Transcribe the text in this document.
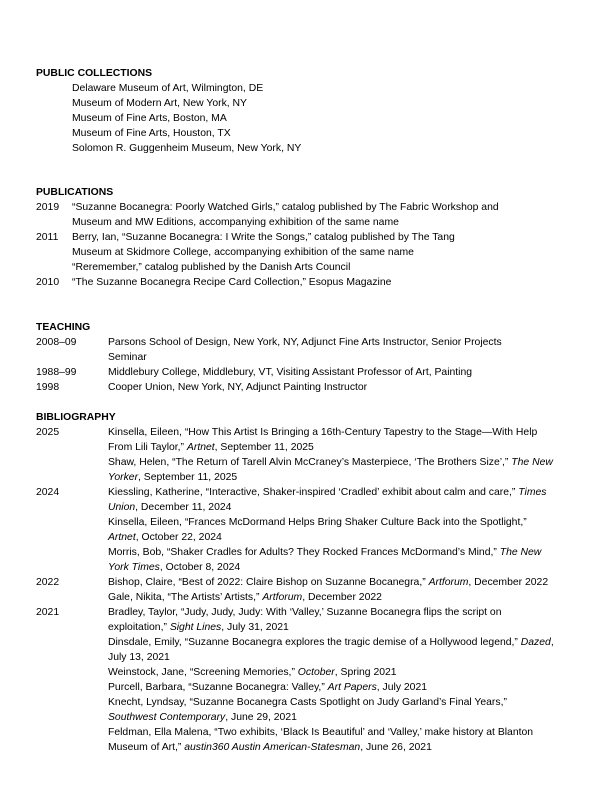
PUBLIC COLLECTIONS
Delaware Museum of Art, Wilmington, DE
Museum of Modern Art, New York, NY
Museum of Fine Arts, Boston, MA
Museum of Fine Arts, Houston, TX
Solomon R. Guggenheim Museum, New York, NY
PUBLICATIONS
2019	“Suzanne Bocanegra: Poorly Watched Girls,” catalog published by The Fabric Workshop and
Museum and MW Editions, accompanying exhibition of the same name
2011	Berry, Ian, “Suzanne Bocanegra: I Write the Songs,” catalog published by The Tang
Museum at Skidmore College, accompanying exhibition of the same name
“Reremember,” catalog published by the Danish Arts Council
2010	“The Suzanne Bocanegra Recipe Card Collection,” Esopus Magazine
TEACHING
2008–09	Parsons School of Design, New York, NY, Adjunct Fine Arts Instructor, Senior Projects
Seminar
1988–99	Middlebury College, Middlebury, VT, Visiting Assistant Professor of Art, Painting
1998	Cooper Union, New York, NY, Adjunct Painting Instructor
BIBLIOGRAPHY
2025	Kinsella, Eileen, “How This Artist Is Bringing a 16th-Century Tapestry to the Stage—With Help
From Lili Taylor,” Artnet, September 11, 2025
Shaw, Helen, “The Return of Tarell Alvin McCraney’s Masterpiece, ‘The Brothers Size’,” The New
Yorker, September 11, 2025
2024	Kiessling, Katherine, “Interactive, Shaker-inspired ‘Cradled’ exhibit about calm and care,” Times
Union, December 11, 2024
Kinsella, Eileen, “Frances McDormand Helps Bring Shaker Culture Back into the Spotlight,”
Artnet, October 22, 2024
Morris, Bob, “Shaker Cradles for Adults? They Rocked Frances McDormand’s Mind,” The New
York Times, October 8, 2024
2022	Bishop, Claire, “Best of 2022: Claire Bishop on Suzanne Bocanegra,” Artforum, December 2022
Gale, Nikita, “The Artists’ Artists,” Artforum, December 2022
2021	Bradley, Taylor, “Judy, Judy, Judy: With ‘Valley,’ Suzanne Bocanegra flips the script on
exploitation,” Sight Lines, July 31, 2021
Dinsdale, Emily, “Suzanne Bocanegra explores the tragic demise of a Hollywood legend,” Dazed,
July 13, 2021
Weinstock, Jane, “Screening Memories,” October, Spring 2021
Purcell, Barbara, “Suzanne Bocanegra: Valley,” Art Papers, July 2021
Knecht, Lyndsay, “Suzanne Bocanegra Casts Spotlight on Judy Garland’s Final Years,”
Southwest Contemporary, June 29, 2021
Feldman, Ella Malena, “Two exhibits, ‘Black Is Beautiful’ and ‘Valley,’ make history at Blanton
Museum of Art,” austin360 Austin American-Statesman, June 26, 2021
